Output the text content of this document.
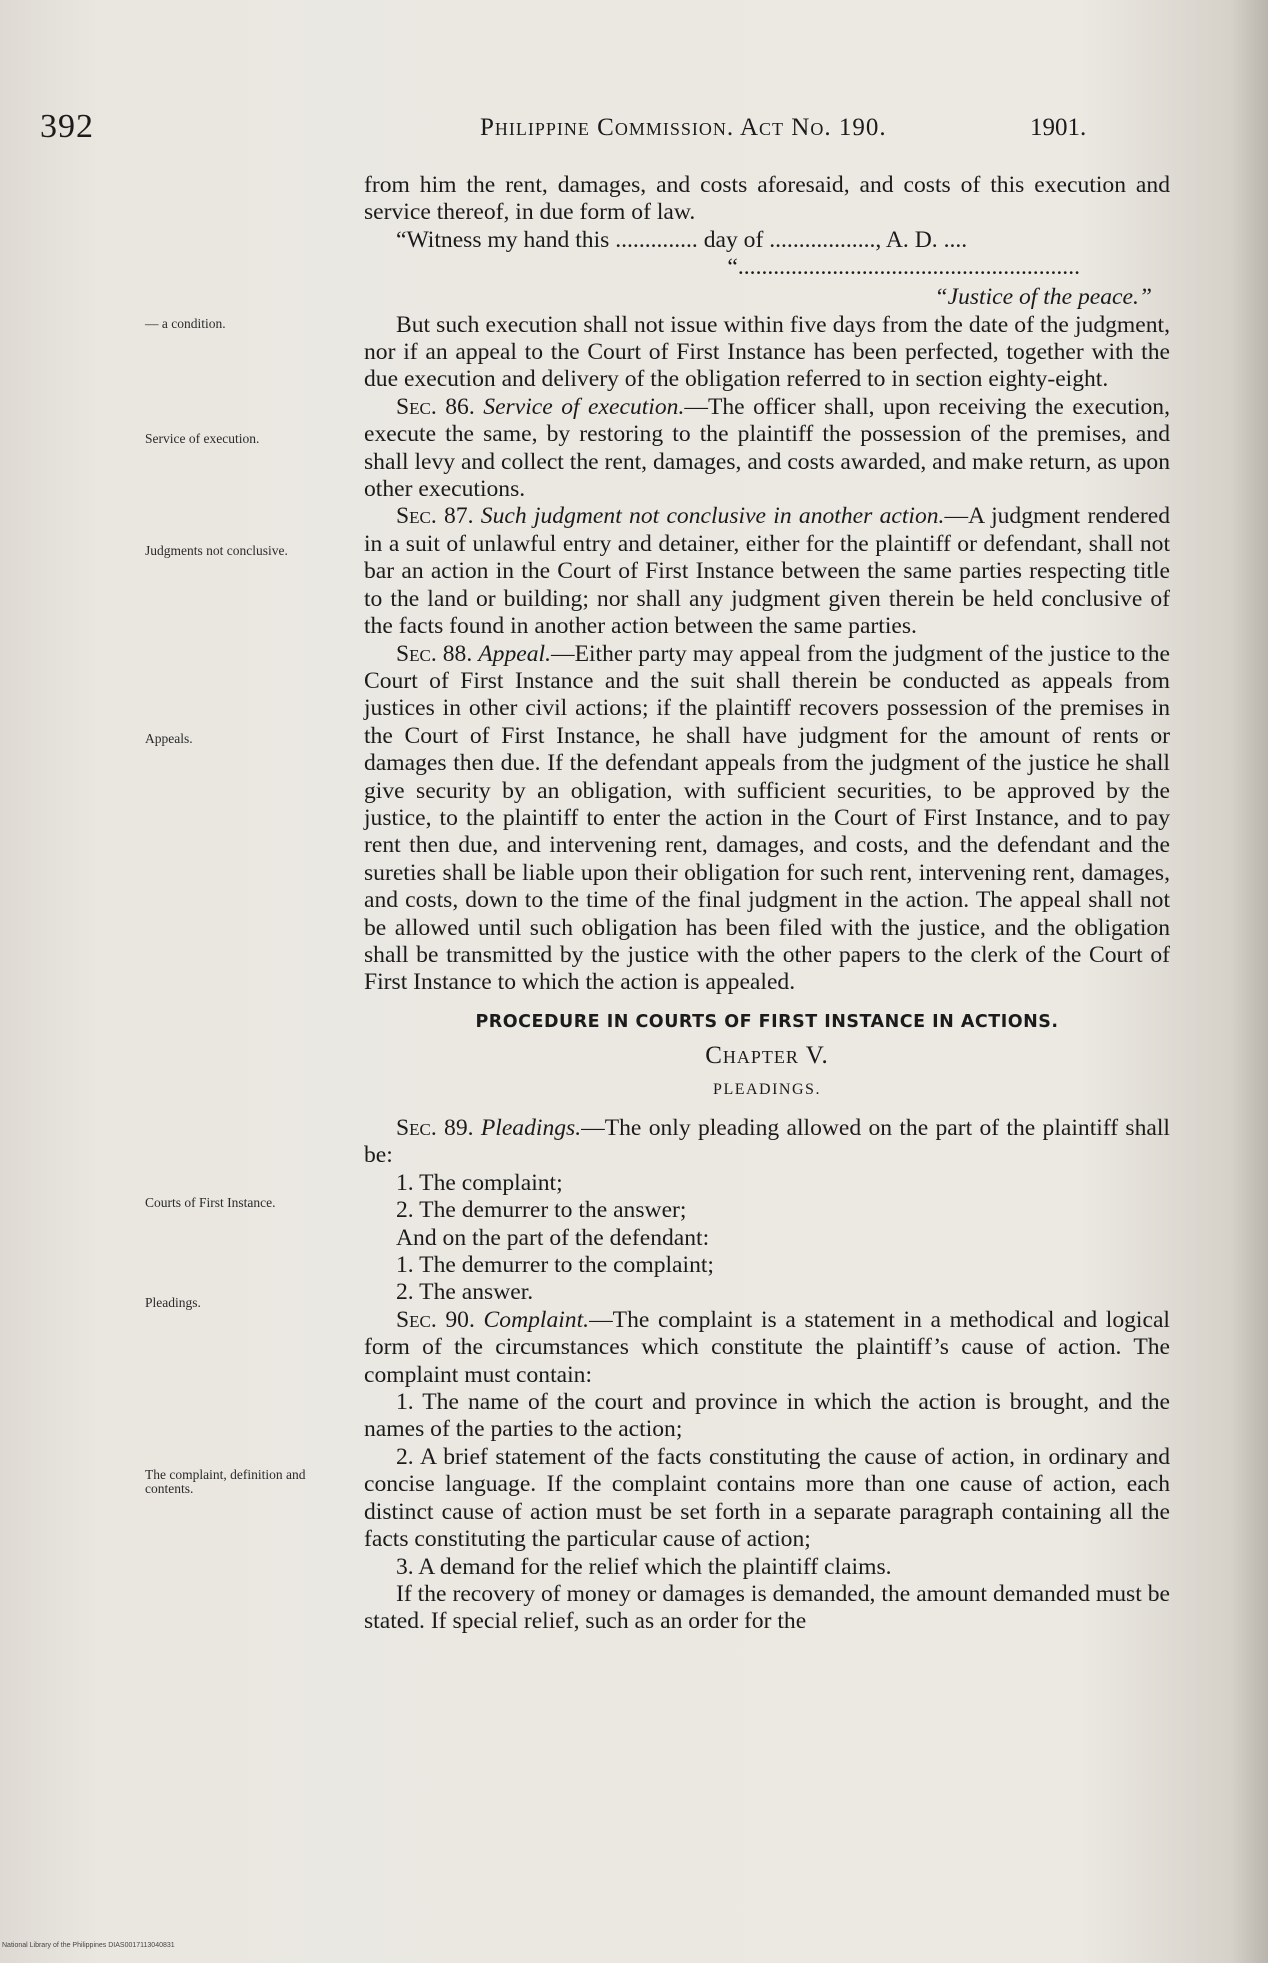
392	Philippine Commission. Act No. 190.	1901.
— a condition.
Service of execution.
Judgments not conclusive.
Appeals.
Courts of First Instance.
Pleadings.
The complaint, definition and contents.

from him the rent, damages, and costs aforesaid, and costs of this execution and service thereof, in due form of law.

“Witness my hand this .............. day of .................., A. D. ....

“..........................................................

“Justice of the peace.”

But such execution shall not issue within five days from the date of the judgment, nor if an appeal to the Court of First Instance has been perfected, together with the due execution and delivery of the obligation referred to in section eighty-eight.

Sec. 86. Service of execution.—The officer shall, upon receiving the execution, execute the same, by restoring to the plaintiff the possession of the premises, and shall levy and collect the rent, damages, and costs awarded, and make return, as upon other executions.

Sec. 87. Such judgment not conclusive in another action.—A judgment rendered in a suit of unlawful entry and detainer, either for the plaintiff or defendant, shall not bar an action in the Court of First Instance between the same parties respecting title to the land or building; nor shall any judgment given therein be held conclusive of the facts found in another action between the same parties.

Sec. 88. Appeal.—Either party may appeal from the judgment of the justice to the Court of First Instance and the suit shall therein be conducted as appeals from justices in other civil actions; if the plaintiff recovers possession of the premises in the Court of First Instance, he shall have judgment for the amount of rents or damages then due. If the defendant appeals from the judgment of the justice he shall give security by an obligation, with sufficient securities, to be approved by the justice, to the plaintiff to enter the action in the Court of First Instance, and to pay rent then due, and intervening rent, damages, and costs, and the defendant and the sureties shall be liable upon their obligation for such rent, intervening rent, damages, and costs, down to the time of the final judgment in the action. The appeal shall not be allowed until such obligation has been filed with the justice, and the obligation shall be transmitted by the justice with the other papers to the clerk of the Court of First Instance to which the action is appealed.

PROCEDURE IN COURTS OF FIRST INSTANCE IN ACTIONS.

Chapter V.

PLEADINGS.

Sec. 89. Pleadings.—The only pleading allowed on the part of the plaintiff shall be:

1. The complaint;

2. The demurrer to the answer;

And on the part of the defendant:

1. The demurrer to the complaint;

2. The answer.

Sec. 90. Complaint.—The complaint is a statement in a methodical and logical form of the circumstances which constitute the plaintiff’s cause of action. The complaint must contain:

1. The name of the court and province in which the action is brought, and the names of the parties to the action;

2. A brief statement of the facts constituting the cause of action, in ordinary and concise language. If the complaint contains more than one cause of action, each distinct cause of action must be set forth in a separate paragraph containing all the facts constituting the particular cause of action;

3. A demand for the relief which the plaintiff claims.

If the recovery of money or damages is demanded, the amount demanded must be stated. If special relief, such as an order for the

National Library of the Philippines DIAS0017113040831
